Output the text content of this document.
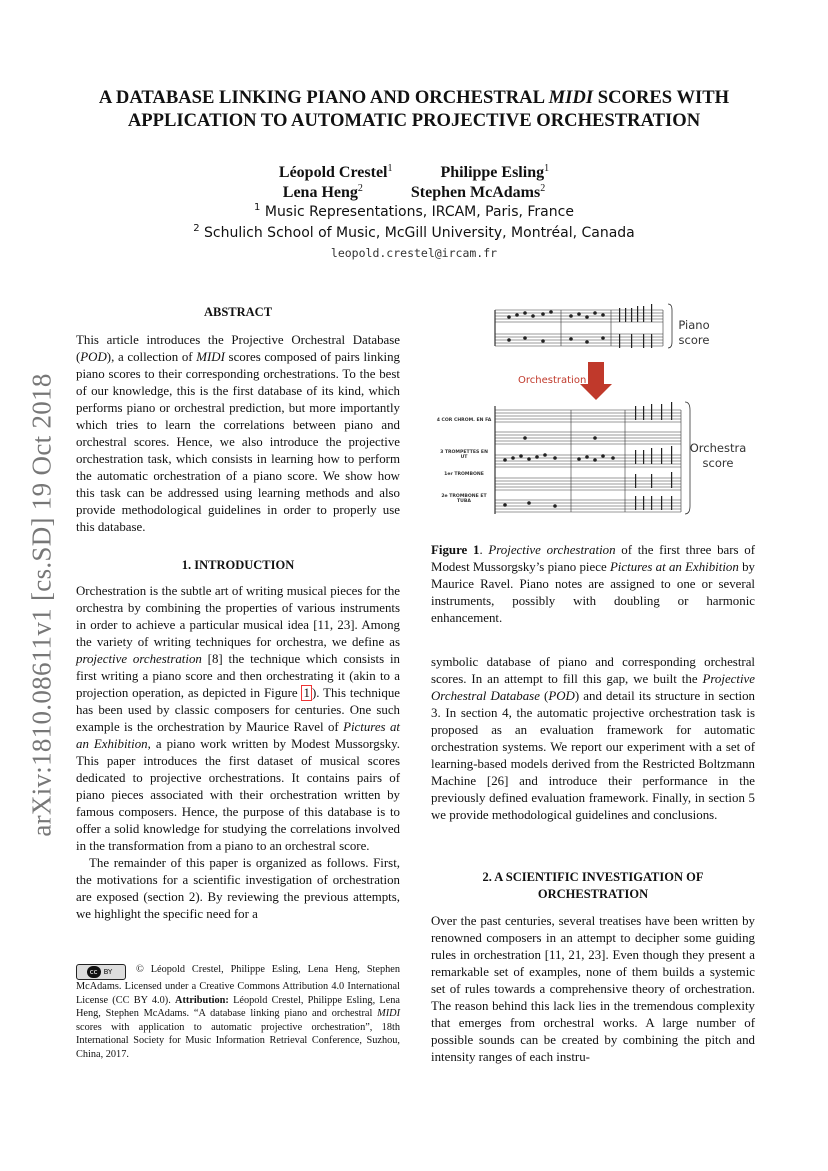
arXiv:1810.08611v1 [cs.SD] 19 Oct 2018
A DATABASE LINKING PIANO AND ORCHESTRAL MIDI SCORES WITH
APPLICATION TO AUTOMATIC PROJECTIVE ORCHESTRATION
Léopold Crestel$^1$	Philippe Esling$^1$
Lena Heng$^2$	Stephen McAdams$^2$
$^1$ Music Representations, IRCAM, Paris, France
$^2$ Schulich School of Music, McGill University, Montréal, Canada
leopold.crestel@ircam.fr
ABSTRACT

This article introduces the Projective Orchestral Database (POD), a collection of MIDI scores composed of pairs linking piano scores to their corresponding orchestrations. To the best of our knowledge, this is the first database of its kind, which performs piano or orchestral prediction, but more importantly which tries to learn the correlations between piano and orchestral scores. Hence, we also introduce the projective orchestration task, which consists in learning how to perform the automatic orchestration of a piano score. We show how this task can be addressed using learning methods and also provide methodological guidelines in order to properly use this database.

1. INTRODUCTION

Orchestration is the subtle art of writing musical pieces for the orchestra by combining the properties of various instruments in order to achieve a particular musical idea [11, 23]. Among the variety of writing techniques for orchestra, we define as projective orchestration [8] the technique which consists in first writing a piano score and then orchestrating it (akin to a projection operation, as depicted in Figure 1 ). This technique has been used by classic composers for centuries. One such example is the orchestration by Maurice Ravel of Pictures at an Exhibition, a piano work written by Modest Mussorgsky. This paper introduces the first dataset of musical scores dedicated to projective orchestrations. It contains pairs of piano pieces associated with their orchestration written by famous composers. Hence, the purpose of this database is to offer a solid knowledge for studying the correlations involved in the transformation from a piano to an orchestral score.

The remainder of this paper is organized as follows. First, the motivations for a scientific investigation of orchestration are exposed (section 2). By reviewing the previous attempts, we highlight the specific need for a

cc BY © Léopold Crestel, Philippe Esling, Lena Heng, Stephen McAdams. Licensed under a Creative Commons Attribution 4.0 International License (CC BY 4.0). Attribution: Léopold Crestel, Philippe Esling, Lena Heng, Stephen McAdams. “A database linking piano and orchestral MIDI scores with application to automatic projective orchestration”, 18th International Society for Music Information Retrieval Conference, Suzhou, China, 2017.
Piano
score
Orchestration
Orchestra
score
4 COR CHROM. EN FA
3 TROMPETTES EN UT
1er TROMBONE
2e TROMBONE ET TUBA
Figure 1. Projective orchestration of the first three bars of Modest Mussorgsky’s piano piece Pictures at an Exhibition by Maurice Ravel. Piano notes are assigned to one or several instruments, possibly with doubling or harmonic enhancement.

symbolic database of piano and corresponding orchestral scores. In an attempt to fill this gap, we built the Projective Orchestral Database (POD) and detail its structure in section 3. In section 4, the automatic projective orchestration task is proposed as an evaluation framework for automatic orchestration systems. We report our experiment with a set of learning-based models derived from the Restricted Boltzmann Machine [26] and introduce their performance in the previously defined evaluation framework. Finally, in section 5 we provide methodological guidelines and conclusions.

2. A SCIENTIFIC INVESTIGATION OF
ORCHESTRATION

Over the past centuries, several treatises have been written by renowned composers in an attempt to decipher some guiding rules in orchestration [11, 21, 23]. Even though they present a remarkable set of examples, none of them builds a systemic set of rules towards a comprehensive theory of orchestration. The reason behind this lack lies in the tremendous complexity that emerges from orchestral works. A large number of possible sounds can be created by combining the pitch and intensity ranges of each instru-
